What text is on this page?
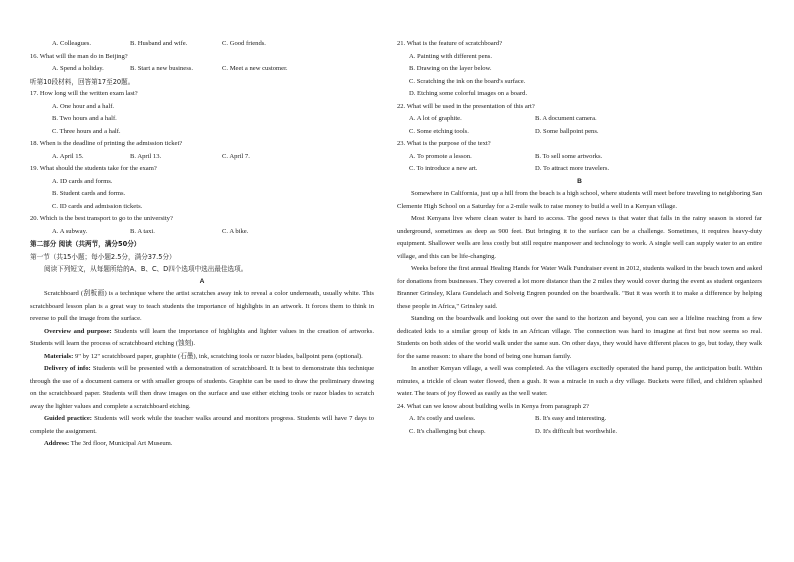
A. Colleagues.	B. Husband and wife.	C. Good friends.
16. What will the man do in Beijing?
A. Spend a holiday.	B. Start a new business.	C. Meet a new customer.
听第10段材料，回答第17至20题。
17. How long will the written exam last?
A. One hour and a half.
B. Two hours and a half.
C. Three hours and a half.
18. When is the deadline of printing the admission ticket?
A. April 15.	B. April 13.	C. April 7.
19. What should the students take for the exam?
A. ID cards and forms.
B. Student cards and forms.
C. ID cards and admission tickets.
20. Which is the best transport to go to the university?
A. A subway.	B. A taxi.	C. A bike.
第二部分 阅读（共两节，满分50分）
第一节（共15小题；每小题2.5分，满分37.5分）
阅读下列短文，从每题所给的A、B、C、D四个选项中选出最佳选项。
A

Scratchboard (刮板画) is a technique where the artist scratches away ink to reveal a color underneath, usually white. This scratchboard lesson plan is a great way to teach students the importance of highlights in an artwork. It forces them to think in reverse to pull the image from the surface.

Overview and purpose: Students will learn the importance of highlights and lighter values in the creation of artworks. Students will learn the process of scratchboard etching (蚀刻).

Materials: 9" by 12" scratchboard paper, graphite (石墨), ink, scratching tools or razor blades, ballpoint pens (optional).

Delivery of info: Students will be presented with a demonstration of scratchboard. It is best to demonstrate this technique through the use of a document camera or with smaller groups of students. Graphite can be used to draw the preliminary drawing on the scratchboard paper. Students will then draw images on the surface and use either etching tools or razor blades to scratch away the lighter values and complete a scratchboard etching.

Guided practice: Students will work while the teacher walks around and monitors progress. Students will have 7 days to complete the assignment.

Address: The 3rd floor, Municipal Art Museum.

21. What is the feature of scratchboard?
A. Painting with different pens.
B. Drawing on the layer below.
C. Scratching the ink on the board's surface.
D. Etching some colorful images on a board.
22. What will be used in the presentation of this art?
A. A lot of graphite.	B. A document camera.
C. Some etching tools.	D. Some ballpoint pens.
23. What is the purpose of the text?
A. To promote a lesson.	B. To sell some artworks.
C. To introduce a new art.	D. To attract more travelers.
B

Somewhere in California, just up a hill from the beach is a high school, where students will meet before traveling to neighboring San Clemente High School on a Saturday for a 2-mile walk to raise money to build a well in a Kenyan village.

Most Kenyans live where clean water is hard to access. The good news is that water that falls in the rainy season is stored far underground, sometimes as deep as 900 feet. But bringing it to the surface can be a challenge. Sometimes, it requires heavy-duty equipment. Shallower wells are less costly but still require manpower and technology to work. A single well can supply water to an entire village, and this can be life-changing.

Weeks before the first annual Healing Hands for Water Walk Fundraiser event in 2012, students walked in the beach town and asked for donations from businesses. They covered a lot more distance than the 2 miles they would cover during the event as student organizers Branner Grinsley, Klara Gundelach and Solveig Engren pounded on the boardwalk. "But it was worth it to make a difference by helping these people in Africa," Grinsley said.

Standing on the boardwalk and looking out over the sand to the horizon and beyond, you can see a lifeline reaching from a few dedicated kids to a similar group of kids in an African village. The connection was hard to imagine at first but now seems so real. Students on both sides of the world walk under the same sun. On other days, they would have different places to go, but today, they walk for the same reason: to share the bond of being one human family.

In another Kenyan village, a well was completed. As the villagers excitedly operated the hand pump, the anticipation built. Within minutes, a trickle of clean water flowed, then a gush. It was a miracle in such a dry village. Buckets were filled, and children splashed water. The tears of joy flowed as easily as the well water.

24. What can we know about building wells in Kenya from paragraph 2?
A. It's costly and useless.	B. It's easy and interesting.
C. It's challenging but cheap.	D. It's difficult but worthwhile.
